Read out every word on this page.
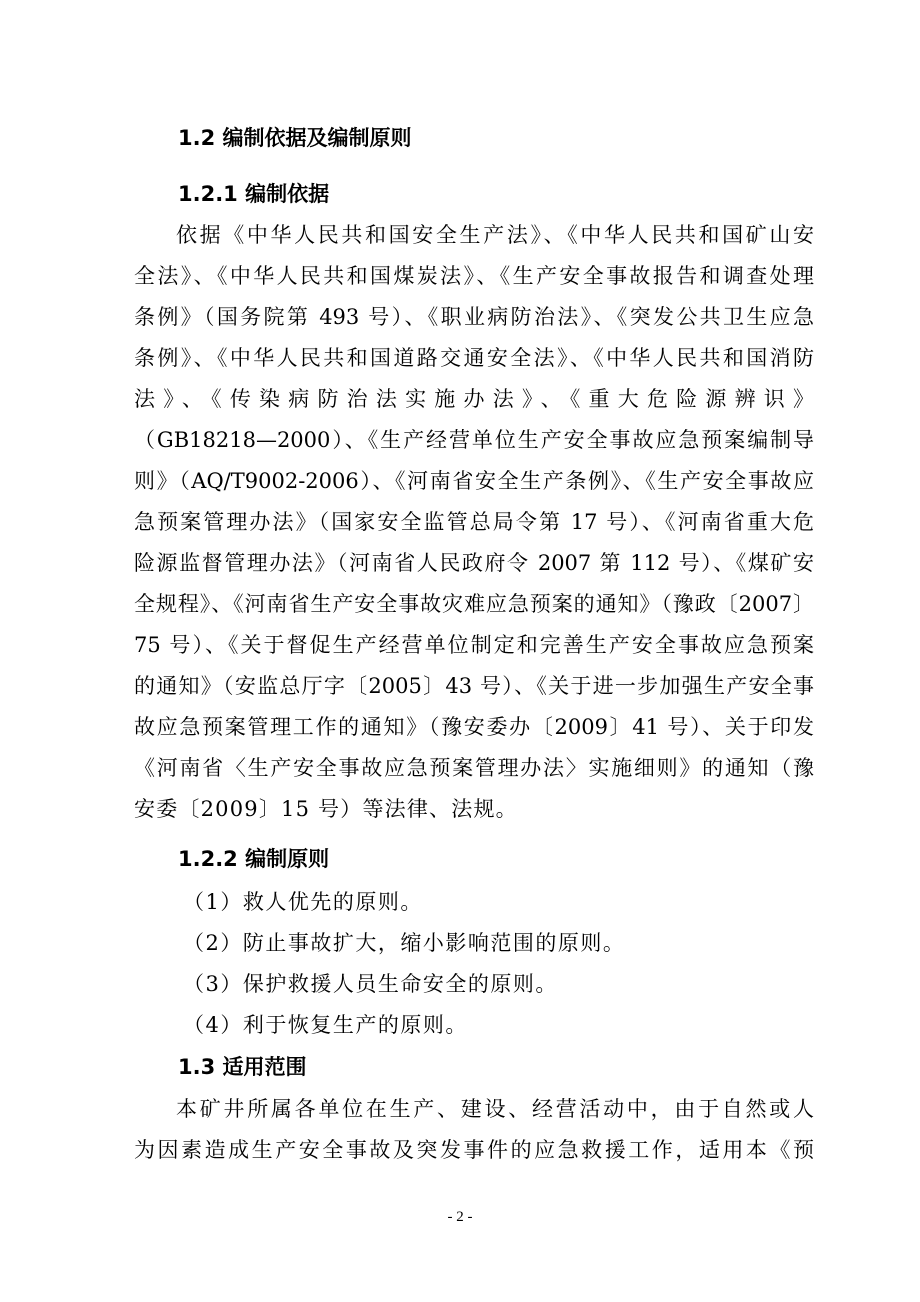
1.2 编制依据及编制原则
1.2.1 编制依据
依据《中华人民共和国安全生产法》、《中华人民共和国矿山安
全法》、《中华人民共和国煤炭法》、《生产安全事故报告和调查处理
条例》（国务院第 493 号）、《职业病防治法》、《突发公共卫生应急
条例》、《中华人民共和国道路交通安全法》、《中华人民共和国消防
法》、《传染病防治法实施办法》、《重大危险源辨识》
（GB18218—2000）、《生产经营单位生产安全事故应急预案编制导
则》（AQ/T9002-2006）、《河南省安全生产条例》、《生产安全事故应
急预案管理办法》（国家安全监管总局令第 17 号）、《河南省重大危
险源监督管理办法》（河南省人民政府令 2007 第 112 号）、《煤矿安
全规程》、《河南省生产安全事故灾难应急预案的通知》（豫政〔2007〕
75 号）、《关于督促生产经营单位制定和完善生产安全事故应急预案
的通知》（安监总厅字〔2005〕43 号）、《关于进一步加强生产安全事
故应急预案管理工作的通知》（豫安委办〔2009〕41 号）、关于印发
《河南省〈生产安全事故应急预案管理办法〉实施细则》的通知（豫
安委〔2009〕15 号）等法律、法规。
1.2.2 编制原则
（1）救人优先的原则。
（2）防止事故扩大，缩小影响范围的原则。
（3）保护救援人员生命安全的原则。
（4）利于恢复生产的原则。
1.3 适用范围
本矿井所属各单位在生产、建设、经营活动中，由于自然或人
为因素造成生产安全事故及突发事件的应急救援工作，适用本《预
- 2 -
